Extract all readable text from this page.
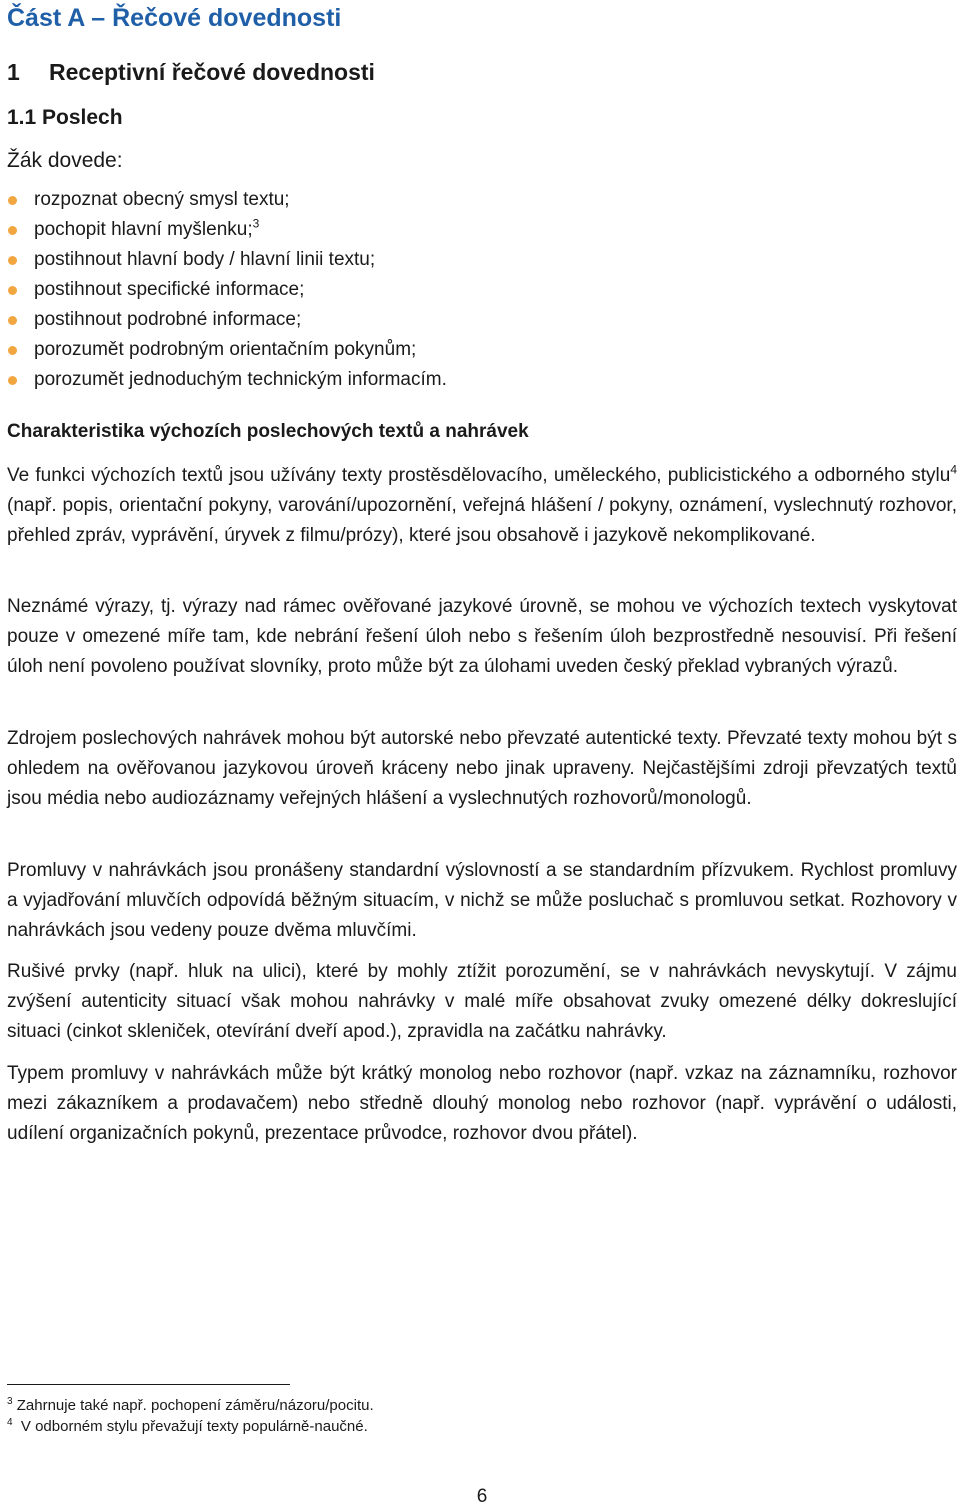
Část A – Řečové dovednosti
1 Receptivní řečové dovednosti
1.1 Poslech
Žák dovede:
rozpoznat obecný smysl textu;
pochopit hlavní myšlenku;$^3$
postihnout hlavní body / hlavní linii textu;
postihnout specifické informace;
postihnout podrobné informace;
porozumět podrobným orientačním pokynům;
porozumět jednoduchým technickým informacím.
Charakteristika výchozích poslechových textů a nahrávek

Ve funkci výchozích textů jsou užívány texty prostěsdělovacího, uměleckého, publicistického a odborného stylu$^4$ (např. popis, orientační pokyny, varování/upozornění, veřejná hlášení / pokyny, oznámení, vyslechnutý rozhovor, přehled zpráv, vyprávění, úryvek z filmu/prózy), které jsou obsahově i jazykově nekomplikované.

Neznámé výrazy, tj. výrazy nad rámec ověřované jazykové úrovně, se mohou ve výchozích textech vyskytovat pouze v omezené míře tam, kde nebrání řešení úloh nebo s řešením úloh bezprostředně nesouvisí. Při řešení úloh není povoleno používat slovníky, proto může být za úlohami uveden český překlad vybraných výrazů.

Zdrojem poslechových nahrávek mohou být autorské nebo převzaté autentické texty. Převzaté texty mohou být s ohledem na ověřovanou jazykovou úroveň kráceny nebo jinak upraveny. Nejčastějšími zdroji převzatých textů jsou média nebo audiozáznamy veřejných hlášení a vyslechnutých rozhovorů/monologů.

Promluvy v nahrávkách jsou pronášeny standardní výslovností a se standardním přízvukem. Rychlost promluvy a vyjadřování mluvčích odpovídá běžným situacím, v nichž se může posluchač s promluvou setkat. Rozhovory v nahrávkách jsou vedeny pouze dvěma mluvčími.

Rušivé prvky (např. hluk na ulici), které by mohly ztížit porozumění, se v nahrávkách nevyskytují. V zájmu zvýšení autenticity situací však mohou nahrávky v malé míře obsahovat zvuky omezené délky dokreslující situaci (cinkot skleniček, otevírání dveří apod.), zpravidla na začátku nahrávky.

Typem promluvy v nahrávkách může být krátký monolog nebo rozhovor (např. vzkaz na záznamníku, rozhovor mezi zákazníkem a prodavačem) nebo středně dlouhý monolog nebo rozhovor (např. vyprávění o události, udílení organizačních pokynů, prezentace průvodce, rozhovor dvou přátel).

$^3$ Zahrnuje také např. pochopení záměru/názoru/pocitu.
$^4$ V odborném stylu převažují texty populárně-naučné.
6
